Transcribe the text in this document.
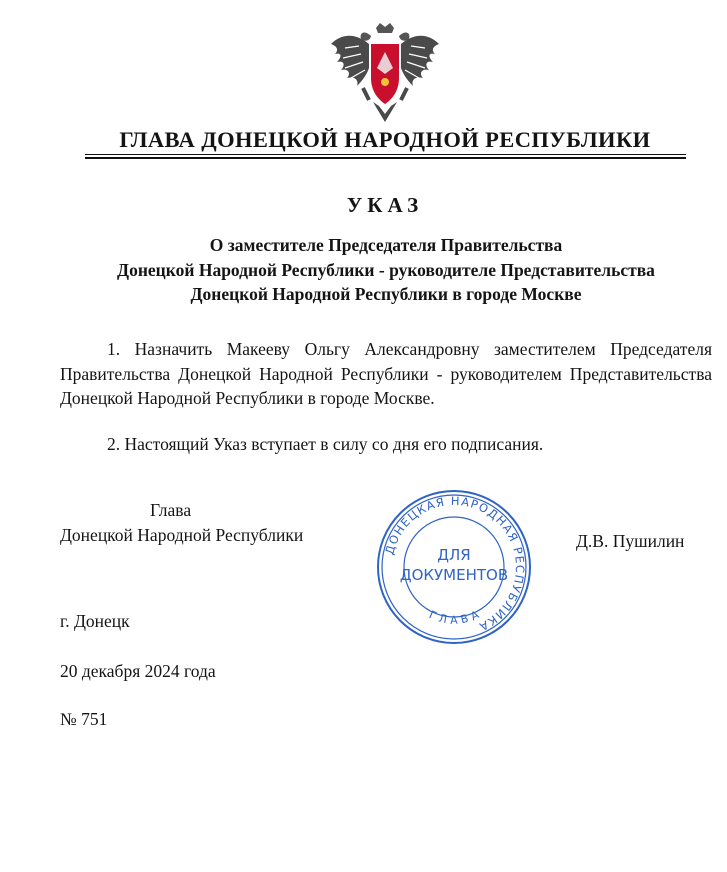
ГЛАВА ДОНЕЦКОЙ НАРОДНОЙ РЕСПУБЛИКИ
УКАЗ
О заместителе Председателя Правительства
Донецкой Народной Республики - руководителе Представительства
Донецкой Народной Республики в городе Москве
1. Назначить Макееву Ольгу Александровну заместителем Председателя Правительства Донецкой Народной Республики - руководителем Представительства Донецкой Народной Республики в городе Москве.
2. Настоящий Указ вступает в силу со дня его подписания.
Глава
Донецкой Народной Республики	Д.В. Пушилин
ДОНЕЦКАЯ НАРОДНАЯ РЕСПУБЛИКА
ГЛАВА
ДЛЯ
ДОКУМЕНТОВ
г. Донецк
20 декабря 2024 года
№ 751
